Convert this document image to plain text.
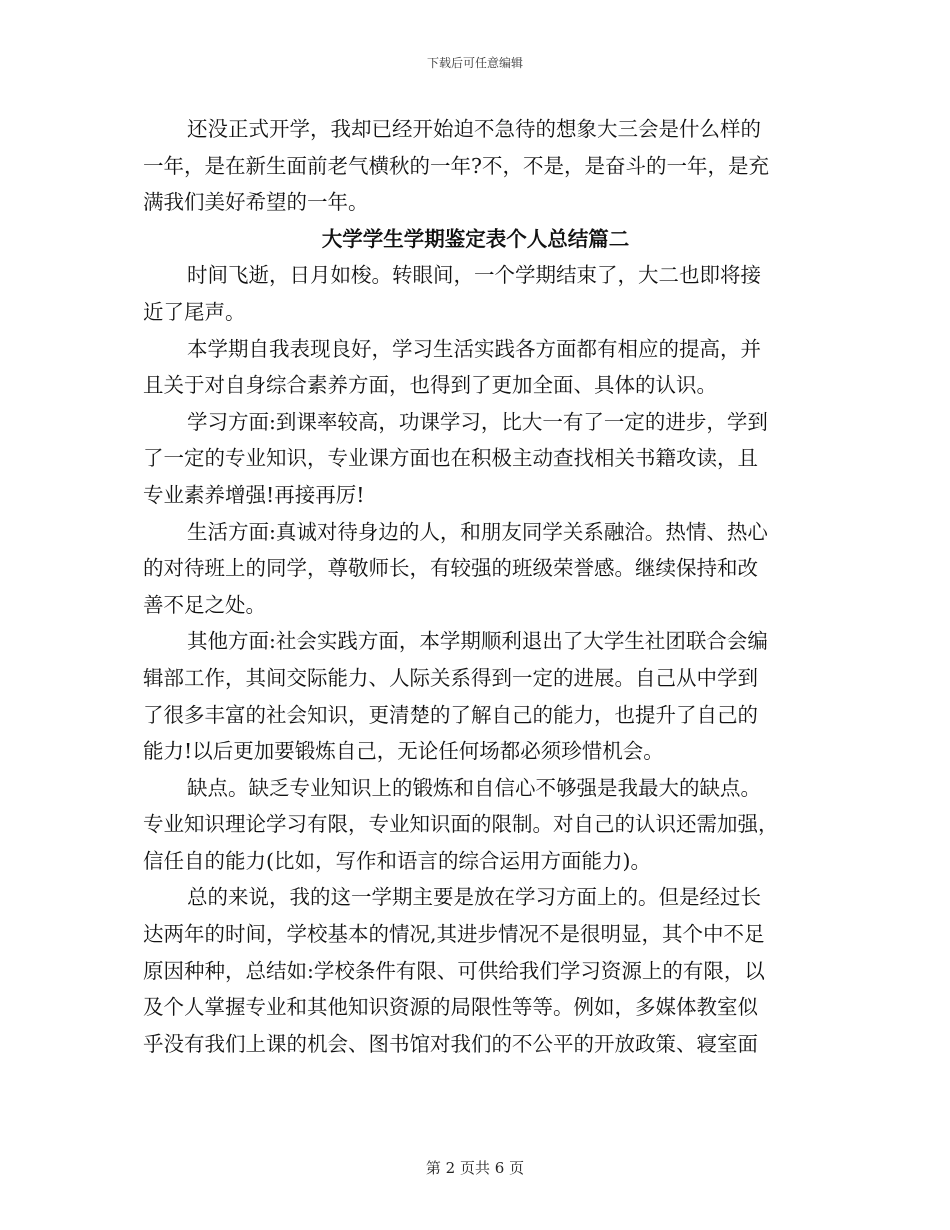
下载后可任意编辑
还没正式开学，我却已经开始迫不急待的想象大三会是什么样的
一年，是在新生面前老气横秋的一年?不，不是，是奋斗的一年，是充
满我们美好希望的一年。
大学学生学期鉴定表个人总结篇二
时间飞逝，日月如梭。转眼间，一个学期结束了，大二也即将接
近了尾声。
本学期自我表现良好，学习生活实践各方面都有相应的提高，并
且关于对自身综合素养方面，也得到了更加全面、具体的认识。
学习方面:到课率较高，功课学习，比大一有了一定的进步，学到
了一定的专业知识，专业课方面也在积极主动查找相关书籍攻读，且
专业素养增强!再接再厉!
生活方面:真诚对待身边的人，和朋友同学关系融洽。热情、热心
的对待班上的同学，尊敬师长，有较强的班级荣誉感。继续保持和改
善不足之处。
其他方面:社会实践方面，本学期顺利退出了大学生社团联合会编
辑部工作，其间交际能力、人际关系得到一定的进展。自己从中学到
了很多丰富的社会知识，更清楚的了解自己的能力，也提升了自己的
能力!以后更加要锻炼自己，无论任何场都必须珍惜机会。
缺点。缺乏专业知识上的锻炼和自信心不够强是我最大的缺点。
专业知识理论学习有限，专业知识面的限制。对自己的认识还需加强，
信任自的能力(比如，写作和语言的综合运用方面能力)。
总的来说，我的这一学期主要是放在学习方面上的。但是经过长
达两年的时间，学校基本的情况,其进步情况不是很明显，其个中不足
原因种种，总结如:学校条件有限、可供给我们学习资源上的有限，以
及个人掌握专业和其他知识资源的局限性等等。例如，多媒体教室似
乎没有我们上课的机会、图书馆对我们的不公平的开放政策、寝室面
第 2 页共 6 页
